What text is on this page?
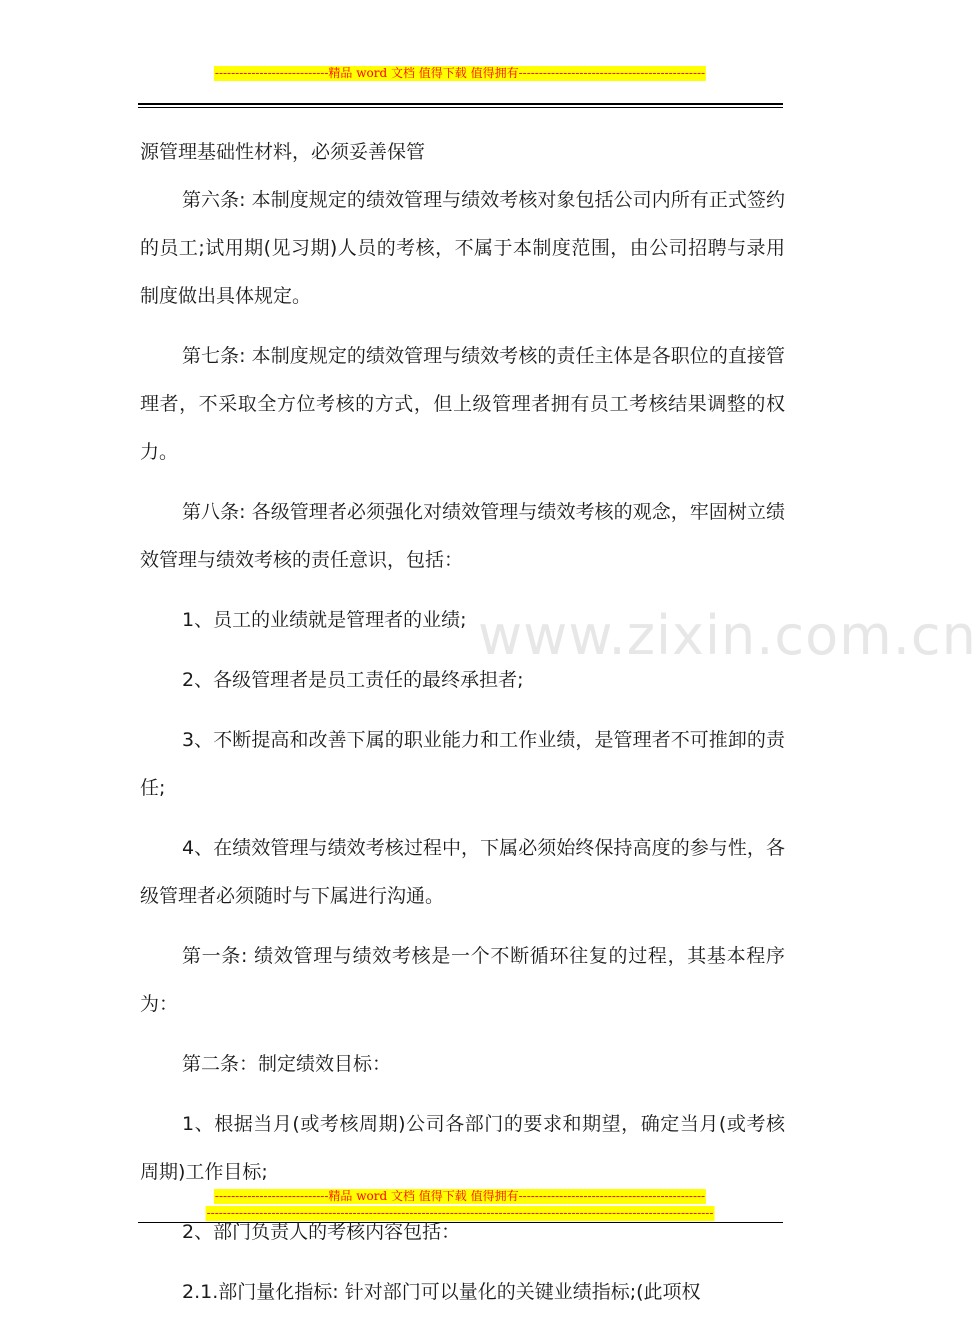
----------------------------精品 word 文档 值得下载 值得拥有----------------------------------------------
www.zixin.com.cn

源管理基础性材料，必须妥善保管

第六条: 本制度规定的绩效管理与绩效考核对象包括公司内所有正式签约的员工;试用期(见习期)人员的考核，不属于本制度范围，由公司招聘与录用制度做出具体规定。

第七条: 本制度规定的绩效管理与绩效考核的责任主体是各职位的直接管理者，不采取全方位考核的方式，但上级管理者拥有员工考核结果调整的权力。

第八条: 各级管理者必须强化对绩效管理与绩效考核的观念，牢固树立绩效管理与绩效考核的责任意识，包括：

1、员工的业绩就是管理者的业绩;

2、各级管理者是员工责任的最终承担者;

3、不断提高和改善下属的职业能力和工作业绩，是管理者不可推卸的责任;

4、在绩效管理与绩效考核过程中，下属必须始终保持高度的参与性，各级管理者必须随时与下属进行沟通。

第一条: 绩效管理与绩效考核是一个不断循环往复的过程，其基本程序为：

第二条：制定绩效目标：

1、根据当月(或考核周期)公司各部门的要求和期望，确定当月(或考核周期)工作目标;

2、部门负责人的考核内容包括：

2.1.部门量化指标: 针对部门可以量化的关键业绩指标;(此项权

----------------------------精品 word 文档 值得下载 值得拥有----------------------------------------------
-----------------------------------------------------------------------------------------------------------------------------
